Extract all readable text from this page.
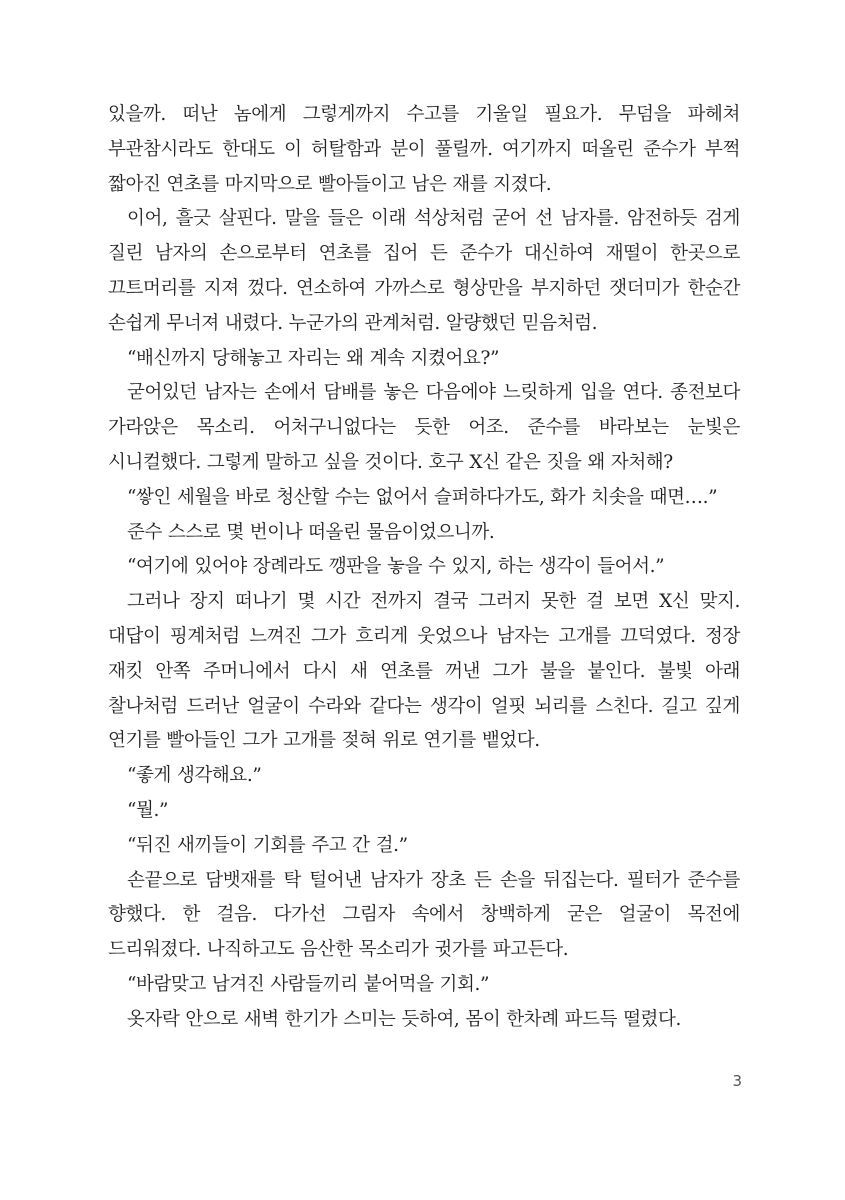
있을까. 떠난 놈에게 그렇게까지 수고를 기울일 필요가. 무덤을 파헤쳐 부관참시라도 한대도 이 허탈함과 분이 풀릴까. 여기까지 떠올린 준수가 부쩍 짧아진 연초를 마지막으로 빨아들이고 남은 재를 지졌다.

이어, 흘긋 살핀다. 말을 들은 이래 석상처럼 굳어 선 남자를. 암전하듯 검게 질린 남자의 손으로부터 연초를 집어 든 준수가 대신하여 재떨이 한곳으로 끄트머리를 지져 껐다. 연소하여 가까스로 형상만을 부지하던 잿더미가 한순간 손쉽게 무너져 내렸다. 누군가의 관계처럼. 알량했던 믿음처럼.

“배신까지 당해놓고 자리는 왜 계속 지켰어요?”

굳어있던 남자는 손에서 담배를 놓은 다음에야 느릿하게 입을 연다. 종전보다 가라앉은 목소리. 어처구니없다는 듯한 어조. 준수를 바라보는 눈빛은 시니컬했다. 그렇게 말하고 싶을 것이다. 호구 X신 같은 짓을 왜 자처해?

“쌓인 세월을 바로 청산할 수는 없어서 슬퍼하다가도, 화가 치솟을 때면….”

준수 스스로 몇 번이나 떠올린 물음이었으니까.

“여기에 있어야 장례라도 깽판을 놓을 수 있지, 하는 생각이 들어서.”

그러나 장지 떠나기 몇 시간 전까지 결국 그러지 못한 걸 보면 X신 맞지. 대답이 핑계처럼 느껴진 그가 흐리게 웃었으나 남자는 고개를 끄덕였다. 정장 재킷 안쪽 주머니에서 다시 새 연초를 꺼낸 그가 불을 붙인다. 불빛 아래 찰나처럼 드러난 얼굴이 수라와 같다는 생각이 얼핏 뇌리를 스친다. 길고 깊게 연기를 빨아들인 그가 고개를 젖혀 위로 연기를 뱉었다.

“좋게 생각해요.”

“뭘.”

“뒤진 새끼들이 기회를 주고 간 걸.”

손끝으로 담뱃재를 탁 털어낸 남자가 장초 든 손을 뒤집는다. 필터가 준수를 향했다. 한 걸음. 다가선 그림자 속에서 창백하게 굳은 얼굴이 목전에 드리워졌다. 나직하고도 음산한 목소리가 귓가를 파고든다.

“바람맞고 남겨진 사람들끼리 붙어먹을 기회.”

옷자락 안으로 새벽 한기가 스미는 듯하여, 몸이 한차례 파드득 떨렸다.

3
